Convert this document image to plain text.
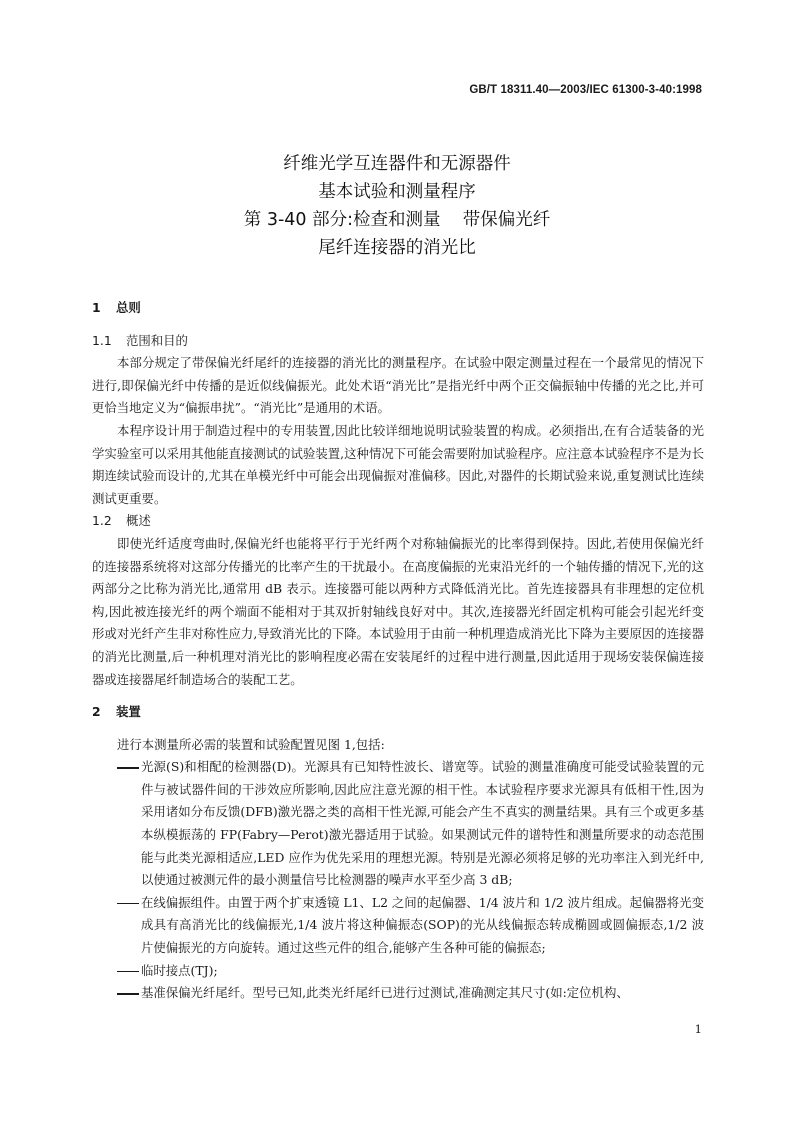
GB/T 18311.40—2003/IEC 61300-3-40:1998
纤维光学互连器件和无源器件
基本试验和测量程序
第 3-40 部分:检查和测量    带保偏光纤
尾纤连接器的消光比
1 总则
1.1 范围和目的

本部分规定了带保偏光纤尾纤的连接器的消光比的测量程序。在试验中限定测量过程在一个最常见的情况下进行,即保偏光纤中传播的是近似线偏振光。此处术语“消光比”是指光纤中两个正交偏振轴中传播的光之比,并可更恰当地定义为“偏振串扰”。“消光比”是通用的术语。

本程序设计用于制造过程中的专用装置,因此比较详细地说明试验装置的构成。必须指出,在有合适装备的光学实验室可以采用其他能直接测试的试验装置,这种情况下可能会需要附加试验程序。应注意本试验程序不是为长期连续试验而设计的,尤其在单模光纤中可能会出现偏振对准偏移。因此,对器件的长期试验来说,重复测试比连续测试更重要。

1.2 概述

即使光纤适度弯曲时,保偏光纤也能将平行于光纤两个对称轴偏振光的比率得到保持。因此,若使用保偏光纤的连接器系统将对这部分传播光的比率产生的干扰最小。在高度偏振的光束沿光纤的一个轴传播的情况下,光的这两部分之比称为消光比,通常用 dB 表示。连接器可能以两种方式降低消光比。首先连接器具有非理想的定位机构,因此被连接光纤的两个端面不能相对于其双折射轴线良好对中。其次,连接器光纤固定机构可能会引起光纤变形或对光纤产生非对称性应力,导致消光比的下降。本试验用于由前一种机理造成消光比下降为主要原因的连接器的消光比测量,后一种机理对消光比的影响程度必需在安装尾纤的过程中进行测量,因此适用于现场安装保偏连接器或连接器尾纤制造场合的装配工艺。

2 装置

进行本测量所必需的装置和试验配置见图 1,包括:

光源(S)和相配的检测器(D)。光源具有已知特性波长、谱宽等。试验的测量准确度可能受试验装置的元件与被试器件间的干涉效应所影响,因此应注意光源的相干性。本试验程序要求光源具有低相干性,因为采用诸如分布反馈(DFB)激光器之类的高相干性光源,可能会产生不真实的测量结果。具有三个或更多基本纵模振荡的 FP(Fabry—Perot)激光器适用于试验。如果测试元件的谱特性和测量所要求的动态范围能与此类光源相适应,LED 应作为优先采用的理想光源。特别是光源必须将足够的光功率注入到光纤中,以使通过被测元件的最小测量信号比检测器的噪声水平至少高 3 dB;
在线偏振组件。由置于两个扩束透镜 L1、L2 之间的起偏器、1/4 波片和 1/2 波片组成。起偏器将光变成具有高消光比的线偏振光,1/4 波片将这种偏振态(SOP)的光从线偏振态转成椭圆或圆偏振态,1/2 波片使偏振光的方向旋转。通过这些元件的组合,能够产生各种可能的偏振态;
临时接点(TJ);
基准保偏光纤尾纤。型号已知,此类光纤尾纤已进行过测试,准确测定其尺寸(如:定位机构、
1
